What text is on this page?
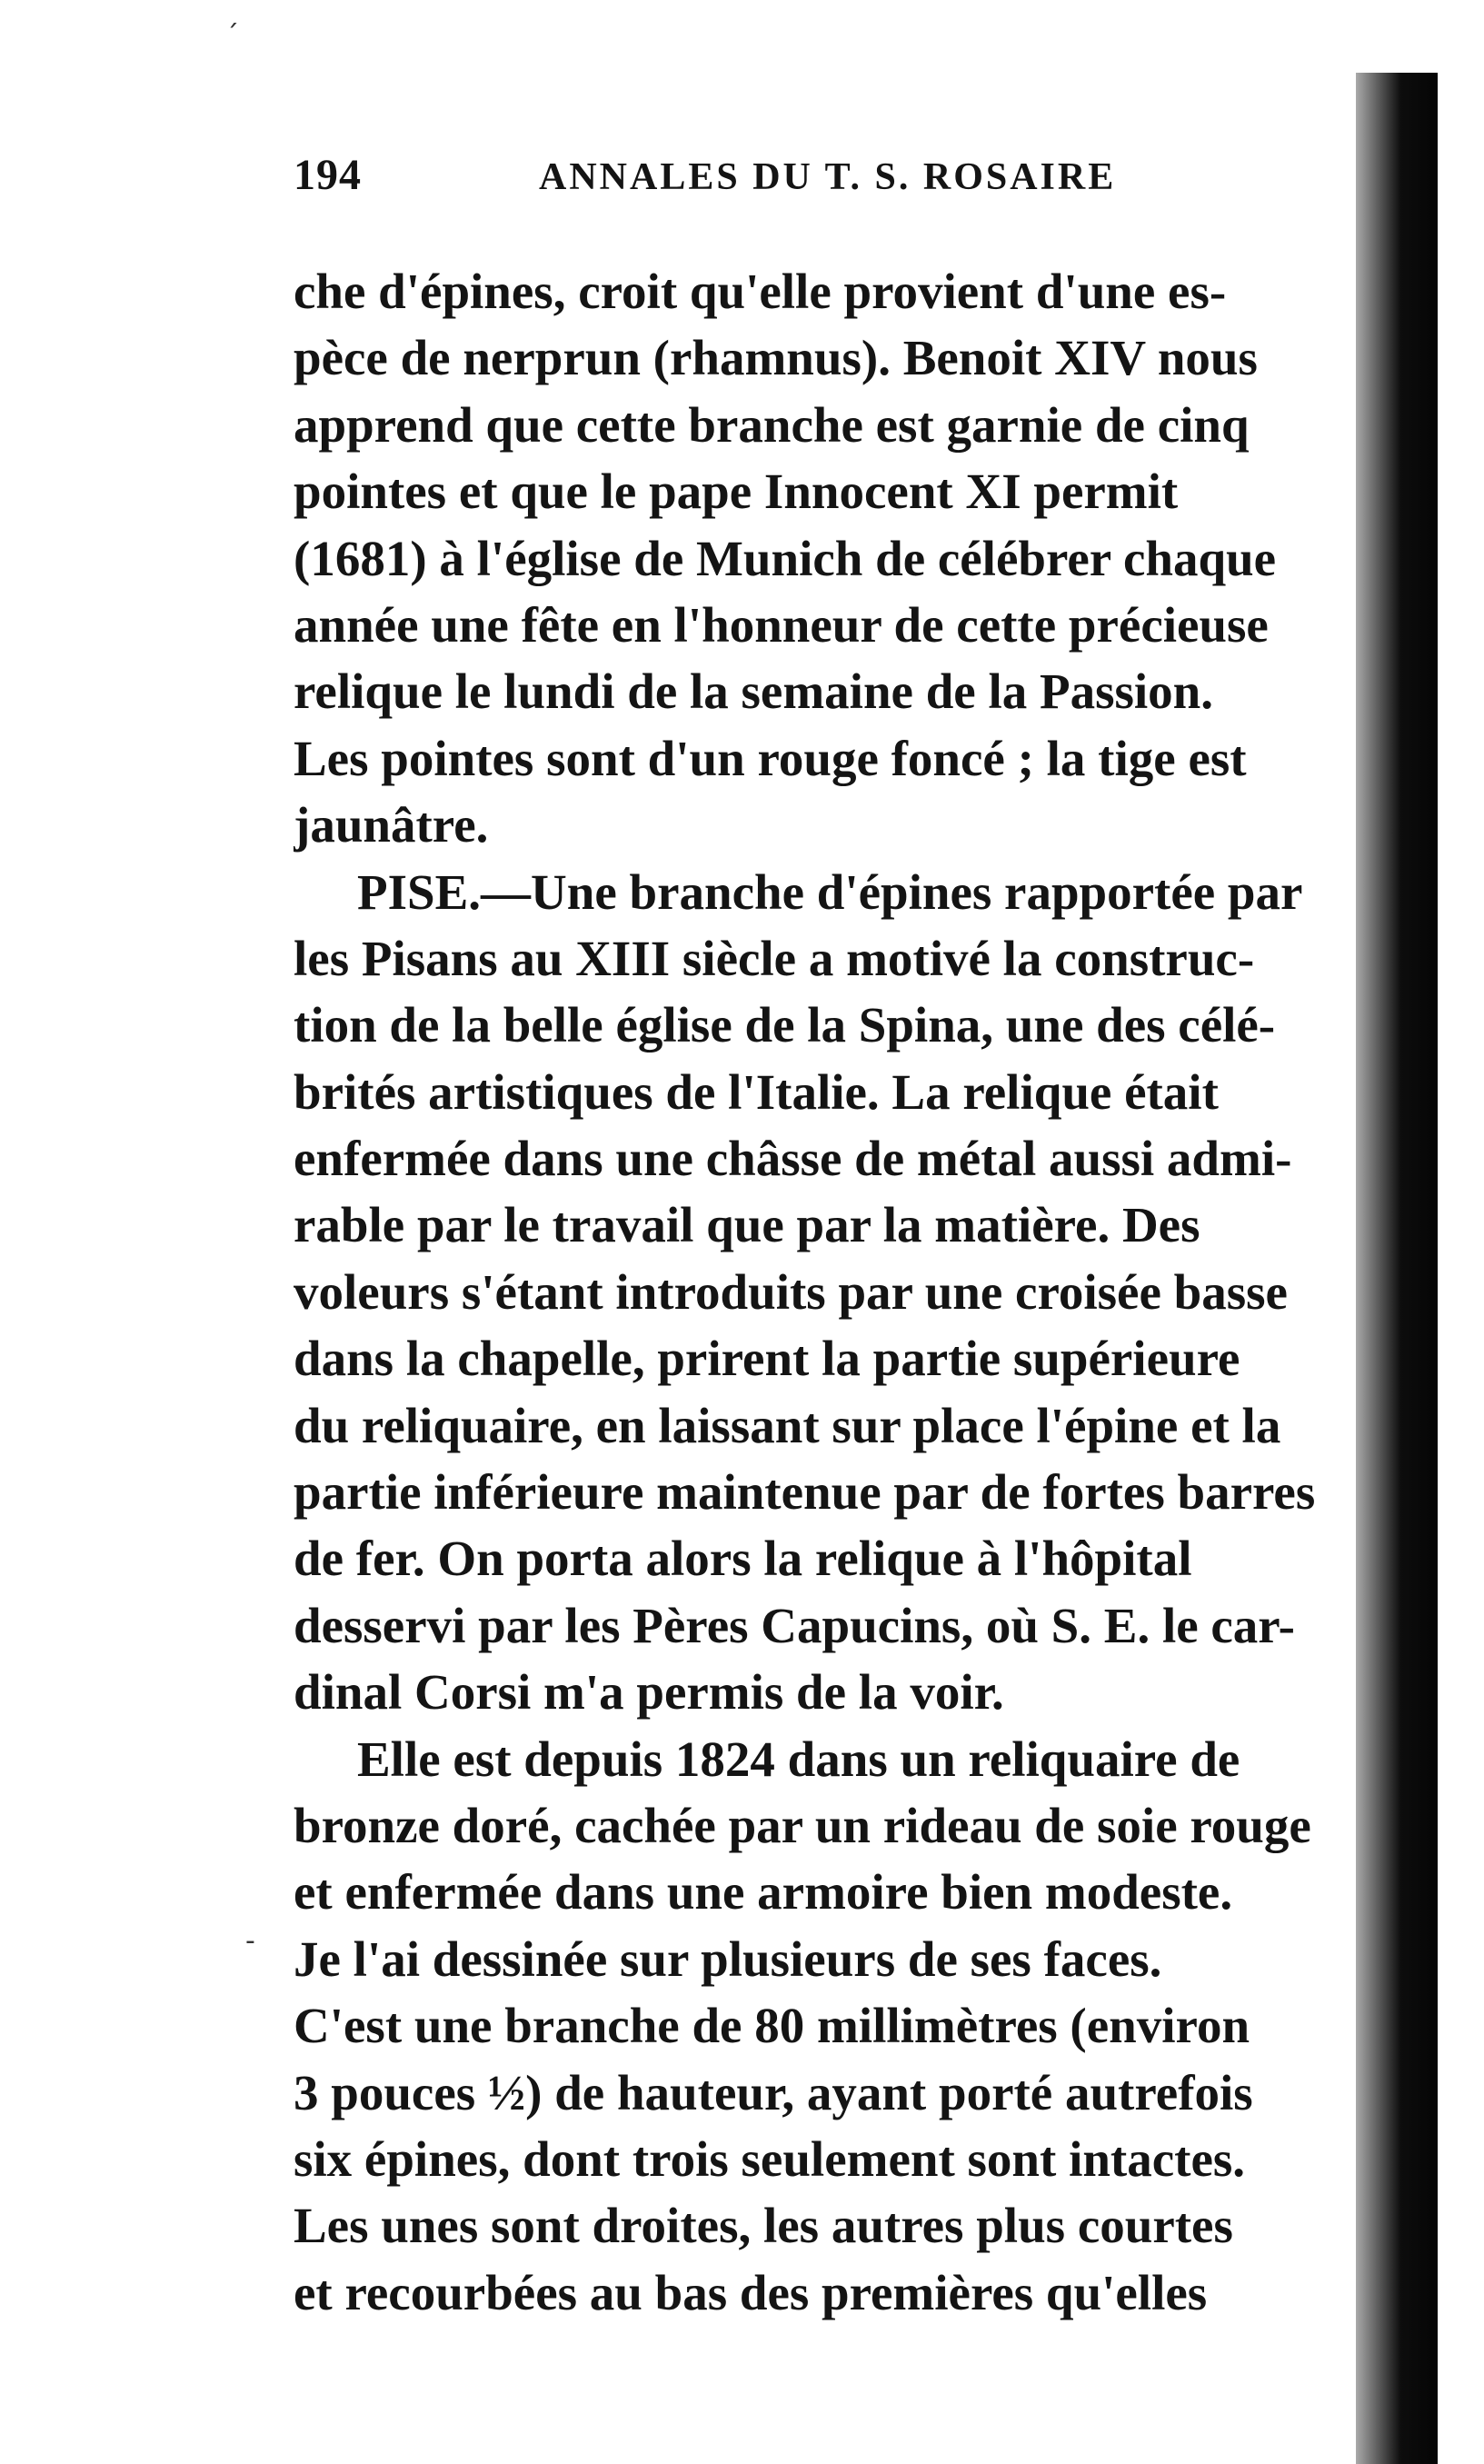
194	ANNALES DU T. S. ROSAIRE
che d'épines, croit qu'elle provient d'une es-
pèce de nerprun (rhamnus). Benoit XIV nous
apprend que cette branche est garnie de cinq
pointes et que le pape Innocent XI permit
(1681) à l'église de Munich de célébrer chaque
année une fête en l'honneur de cette précieuse
relique le lundi de la semaine de la Passion.
Les pointes sont d'un rouge foncé ; la tige est
jaunâtre.
PISE.—Une branche d'épines rapportée par
les Pisans au XIII siècle a motivé la construc-
tion de la belle église de la Spina, une des célé-
brités artistiques de l'Italie. La relique était
enfermée dans une châsse de métal aussi admi-
rable par le travail que par la matière. Des
voleurs s'étant introduits par une croisée basse
dans la chapelle, prirent la partie supérieure
du reliquaire, en laissant sur place l'épine et la
partie inférieure maintenue par de fortes barres
de fer. On porta alors la relique à l'hôpital
desservi par les Pères Capucins, où S. E. le car-
dinal Corsi m'a permis de la voir.
Elle est depuis 1824 dans un reliquaire de
bronze doré, cachée par un rideau de soie rouge
et enfermée dans une armoire bien modeste.
Je l'ai dessinée sur plusieurs de ses faces.
C'est une branche de 80 millimètres (environ
3 pouces ½) de hauteur, ayant porté autrefois
six épines, dont trois seulement sont intactes.
Les unes sont droites, les autres plus courtes
et recourbées au bas des premières qu'elles
ˊ
-
